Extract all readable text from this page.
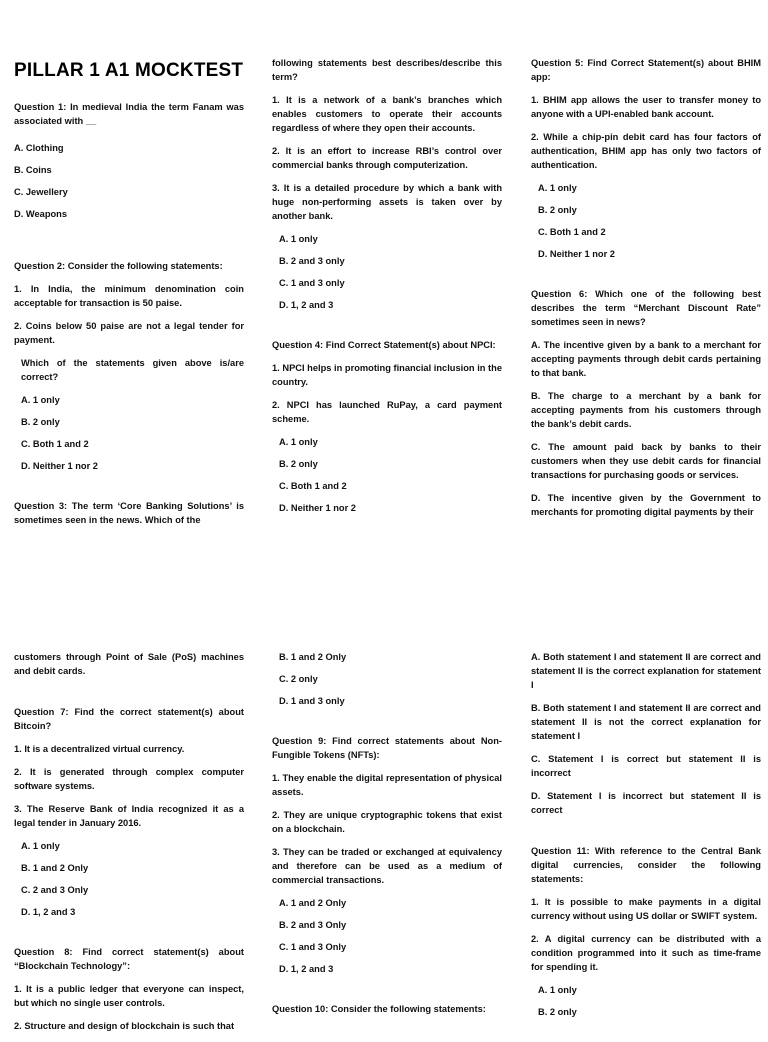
PILLAR 1 A1 MOCKTEST

Question 1: In medieval India the term Fanam was associated with __

A. Clothing
B. Coins
C. Jewellery
D. Weapons

Question 2: Consider the following statements:

1. In India, the minimum denomination coin acceptable for transaction is 50 paise.

2. Coins below 50 paise are not a legal tender for payment.

Which of the statements given above is/are correct?

A. 1 only
B. 2 only
C. Both 1 and 2
D. Neither 1 nor 2

Question 3: The term ‘Core Banking Solutions’ is sometimes seen in the news. Which of the

following statements best describes/describe this term?

1. It is a network of a bank’s branches which enables customers to operate their accounts regardless of where they open their accounts.

2. It is an effort to increase RBI’s control over commercial banks through computerization.

3. It is a detailed procedure by which a bank with huge non-performing assets is taken over by another bank.

A. 1 only
B. 2 and 3 only
C. 1 and 3 only
D. 1, 2 and 3

Question 4: Find Correct Statement(s) about NPCI:

1. NPCI helps in promoting financial inclusion in the country.

2. NPCI has launched RuPay, a card payment scheme.

A. 1 only
B. 2 only
C. Both 1 and 2
D. Neither 1 nor 2

Question 5: Find Correct Statement(s) about BHIM app:

1. BHIM app allows the user to transfer money to anyone with a UPI-enabled bank account.

2. While a chip-pin debit card has four factors of authentication, BHIM app has only two factors of authentication.

A. 1 only
B. 2 only
C. Both 1 and 2
D. Neither 1 nor 2

Question 6: Which one of the following best describes the term “Merchant Discount Rate” sometimes seen in news?

A. The incentive given by a bank to a merchant for accepting payments through debit cards pertaining to that bank.

B. The charge to a merchant by a bank for accepting payments from his customers through the bank’s debit cards.

C. The amount paid back by banks to their customers when they use debit cards for financial transactions for purchasing goods or services.

D. The incentive given by the Government to merchants for promoting digital payments by their

customers through Point of Sale (PoS) machines and debit cards.

Question 7: Find the correct statement(s) about Bitcoin?

1. It is a decentralized virtual currency.

2. It is generated through complex computer software systems.

3. The Reserve Bank of India recognized it as a legal tender in January 2016.

A. 1 only
B. 1 and 2 Only
C. 2 and 3 Only
D. 1, 2 and 3

Question 8: Find correct statement(s) about “Blockchain Technology”:

1. It is a public ledger that everyone can inspect, but which no single user controls.

2. Structure and design of blockchain is such that

B. 1 and 2 Only
C. 2 only
D. 1 and 3 only

Question 9: Find correct statements about Non-Fungible Tokens (NFTs):

1. They enable the digital representation of physical assets.

2. They are unique cryptographic tokens that exist on a blockchain.

3. They can be traded or exchanged at equivalency and therefore can be used as a medium of commercial transactions.

A. 1 and 2 Only
B. 2 and 3 Only
C. 1 and 3 Only
D. 1, 2 and 3

Question 10: Consider the following statements:

A. Both statement I and statement II are correct and statement II is the correct explanation for statement I

B. Both statement I and statement II are correct and statement II is not the correct explanation for statement I

C. Statement I is correct but statement II is incorrect

D. Statement I is incorrect but statement II is correct

Question 11: With reference to the Central Bank digital currencies, consider the following statements:

1. It is possible to make payments in a digital currency without using US dollar or SWIFT system.

2. A digital currency can be distributed with a condition programmed into it such as time-frame for spending it.

A. 1 only
B. 2 only
